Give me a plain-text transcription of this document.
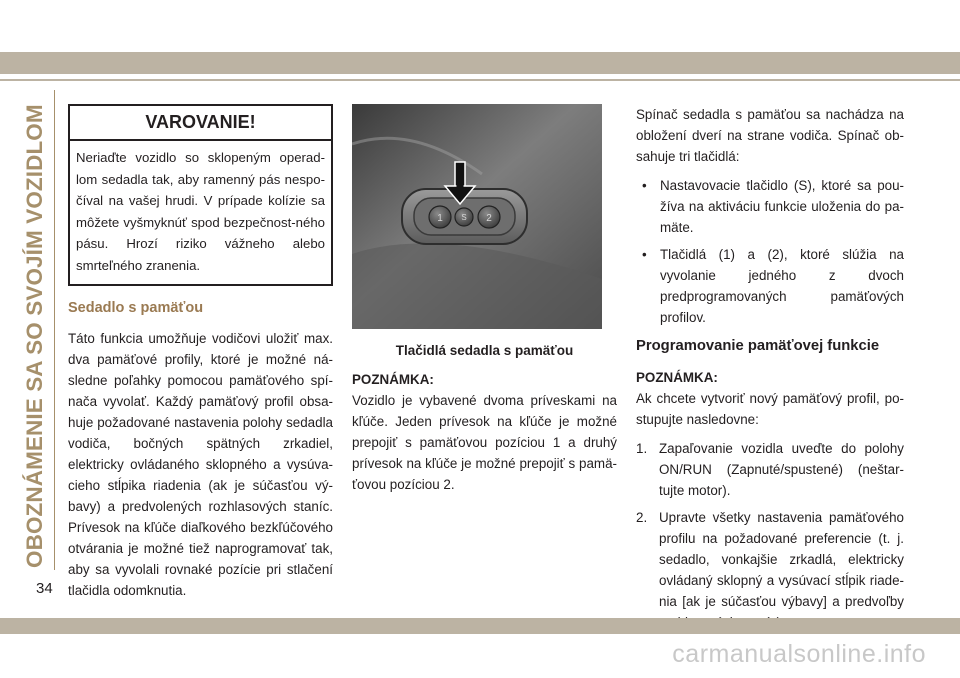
OBOZNÁMENIE SA SO SVOJÍM VOZIDLOM
34
VAROVANIE!
Neriaďte vozidlo so sklopeným operad-lom sedadla tak, aby ramenný pás nespo-číval na vašej hrudi. V prípade kolízie sa môžete vyšmyknúť spod bezpečnost-ného pásu. Hrozí riziko vážneho alebo smrteľného zranenia.
Sedadlo s pamäťou

Táto funkcia umožňuje vodičovi uložiť max. dva pamäťové profily, ktoré je možné ná-sledne poľahky pomocou pamäťového spí-nača vyvolať. Každý pamäťový profil obsa-huje požadované nastavenia polohy sedadla vodiča, bočných spätných zrkadiel, elektricky ovládaného sklopného a vysúva-cieho stĺpika riadenia (ak je súčasťou vý-bavy) a predvolených rozhlasových staníc. Prívesok na kľúče diaľkového bezkľúčového otvárania je možné tiež naprogramovať tak, aby sa vyvolali rovnaké pozície pri stlačení tlačidla odomknutia.

1 S 2
Tlačidlá sedadla s pamäťou
POZNÁMKA:

Vozidlo je vybavené dvoma príveskami na kľúče. Jeden prívesok na kľúče je možné prepojiť s pamäťovou pozíciou 1 a druhý prívesok na kľúče je možné prepojiť s pamä-ťovou pozíciou 2.

Spínač sedadla s pamäťou sa nachádza na obložení dverí na strane vodiča. Spínač ob-sahuje tri tlačidlá:

• Nastavovacie tlačidlo (S), ktoré sa pou-žíva na aktiváciu funkcie uloženia do pa-mäte.
• Tlačidlá (1) a (2), ktoré slúžia na vyvolanie jedného z dvoch predprogramovaných pamäťových profilov.
Programovanie pamäťovej funkcie
POZNÁMKA:

Ak chcete vytvoriť nový pamäťový profil, po-stupujte nasledovne:

1. Zapaľovanie vozidla uveďte do polohy ON/RUN (Zapnuté/spustené) (neštar-tujte motor).
2. Upravte všetky nastavenia pamäťového profilu na požadované preferencie (t. j. sedadlo, vonkajšie zrkadlá, elektricky ovládaný sklopný a vysúvací stĺpik riade-nia [ak je súčasťou výbavy] a predvoľby
carmanualsonline.info
